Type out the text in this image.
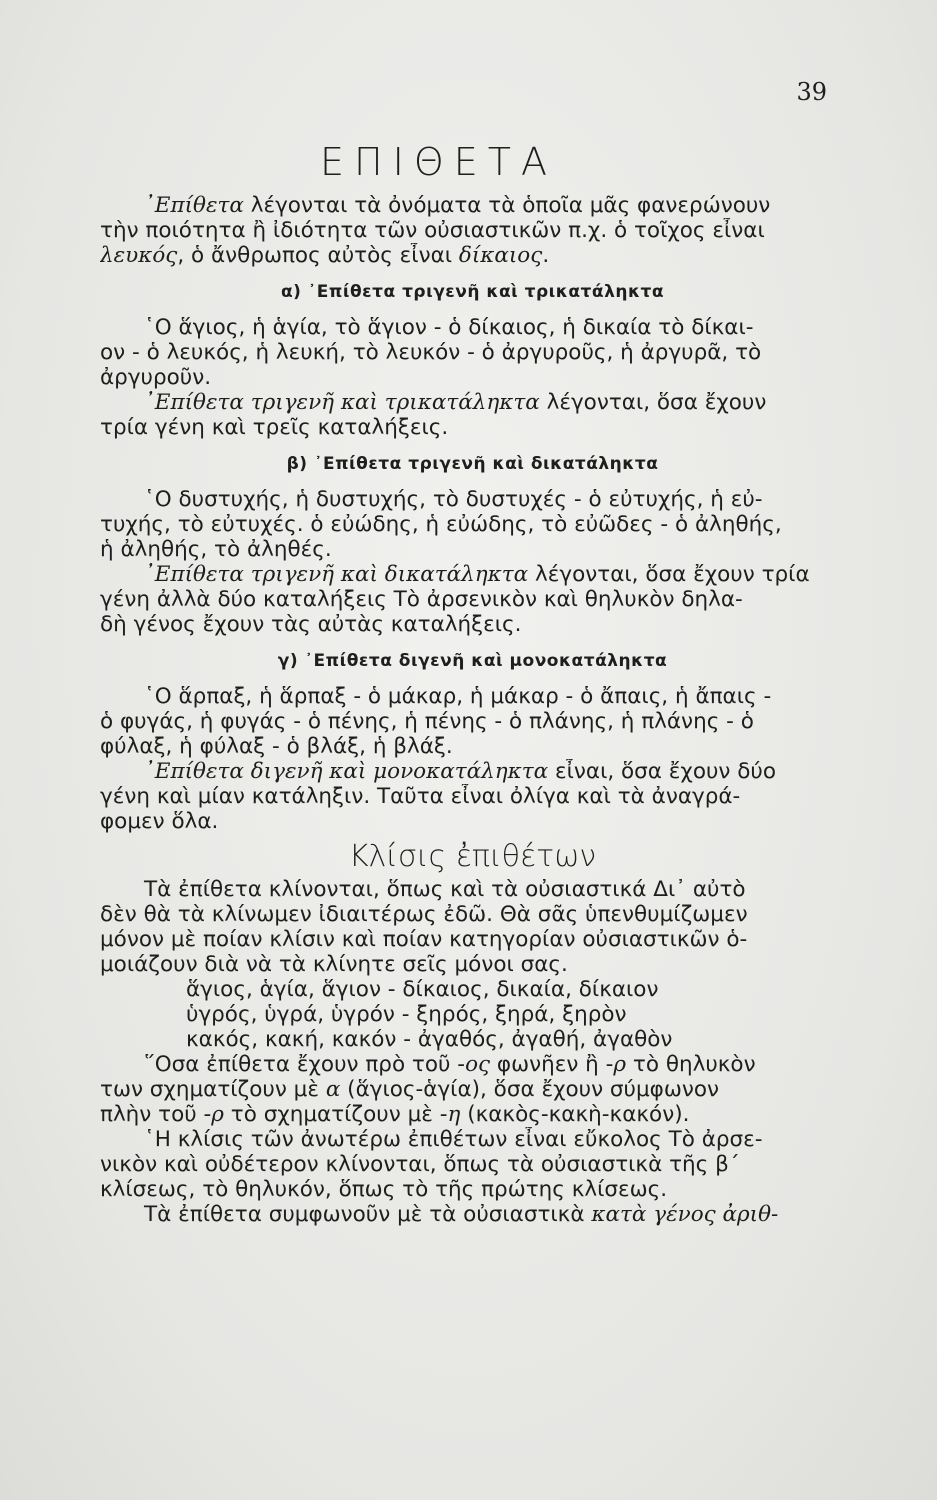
39
ΕΠΙΘΕΤΑ
᾿Επίθετα λέγονται τὰ ὀνόματα τὰ ὁποῖα μᾶς φανερώνουν
τὴν ποιότητα ἢ ἰδιότητα τῶν οὐσιαστικῶν π.χ. ὁ τοῖχος εἶναι
λευκός, ὁ ἄνθρωπος αὐτὸς εἶναι δίκαιος.
α) ᾿Επίθετα τριγενῆ καὶ τρικατάληκτα
῾Ο ἅγιος, ἡ ἁγία, τὸ ἅγιον - ὁ δίκαιος, ἡ δικαία τὸ δίκαι-
ον - ὁ λευκός, ἡ λευκή, τὸ λευκόν - ὁ ἀργυροῦς, ἡ ἀργυρᾶ, τὸ
ἀργυροῦν.
᾿Επίθετα τριγενῆ καὶ τρικατάληκτα λέγονται, ὅσα ἔχουν
τρία γένη καὶ τρεῖς καταλήξεις.
β) ᾿Επίθετα τριγενῆ καὶ δικατάληκτα
῾Ο δυστυχής, ἡ δυστυχής, τὸ δυστυχές - ὁ εὐτυχής, ἡ εὐ-
τυχής, τὸ εὐτυχές. ὁ εὐώδης, ἡ εὐώδης, τὸ εὐῶδες - ὁ ἀληθής,
ἡ ἀληθής, τὸ ἀληθές.
᾿Επίθετα τριγενῆ καὶ δικατάληκτα λέγονται, ὅσα ἔχουν τρία
γένη ἀλλὰ δύο καταλήξεις Τὸ ἀρσενικὸν καὶ θηλυκὸν δηλα-
δὴ γένος ἔχουν τὰς αὐτὰς καταλήξεις.
γ) ᾿Επίθετα διγενῆ καὶ μονοκατάληκτα
῾Ο ἅρπαξ, ἡ ἅρπαξ - ὁ μάκαρ, ἡ μάκαρ - ὁ ἄπαις, ἡ ἄπαις -
ὁ φυγάς, ἡ φυγάς - ὁ πένης, ἡ πένης - ὁ πλάνης, ἡ πλάνης - ὁ
φύλαξ, ἡ φύλαξ - ὁ βλάξ, ἡ βλάξ.
᾿Επίθετα διγενῆ καὶ μονοκατάληκτα εἶναι, ὅσα ἔχουν δύο
γένη καὶ μίαν κατάληξιν. Ταῦτα εἶναι ὀλίγα καὶ τὰ ἀναγρά-
φομεν ὅλα.
Κλίσις ἐπιθέτων
Τὰ ἐπίθετα κλίνονται, ὅπως καὶ τὰ οὐσιαστικά Δι᾿ αὐτὸ
δὲν θὰ τὰ κλίνωμεν ἰδιαιτέρως ἐδῶ. Θὰ σᾶς ὑπενθυμίζωμεν
μόνον μὲ ποίαν κλίσιν καὶ ποίαν κατηγορίαν οὐσιαστικῶν ὁ-
μοιάζουν διὰ νὰ τὰ κλίνητε σεῖς μόνοι σας.
ἅγιος, ἁγία, ἅγιον - δίκαιος, δικαία, δίκαιον
ὑγρός, ὑγρά, ὑγρόν - ξηρός, ξηρά, ξηρὸν
κακός, κακή, κακόν - ἀγαθός, ἀγαθή, ἀγαθὸν
῞Οσα ἐπίθετα ἔχουν πρὸ τοῦ -ος φωνῆεν ἢ -ρ τὸ θηλυκὸν
των σχηματίζουν μὲ α (ἅγιος-ἁγία), ὅσα ἔχουν σύμφωνον
πλὴν τοῦ -ρ τὸ σχηματίζουν μὲ -η (κακὸς-κακὴ-κακόν).
῾Η κλίσις τῶν ἀνωτέρω ἐπιθέτων εἶναι εὔκολος Τὸ ἀρσε-
νικὸν καὶ οὐδέτερον κλίνονται, ὅπως τὰ οὐσιαστικὰ τῆς β´
κλίσεως, τὸ θηλυκόν, ὅπως τὸ τῆς πρώτης κλίσεως.
Τὰ ἐπίθετα συμφωνοῦν μὲ τὰ οὐσιαστικὰ κατὰ γένος ἀριθ-
